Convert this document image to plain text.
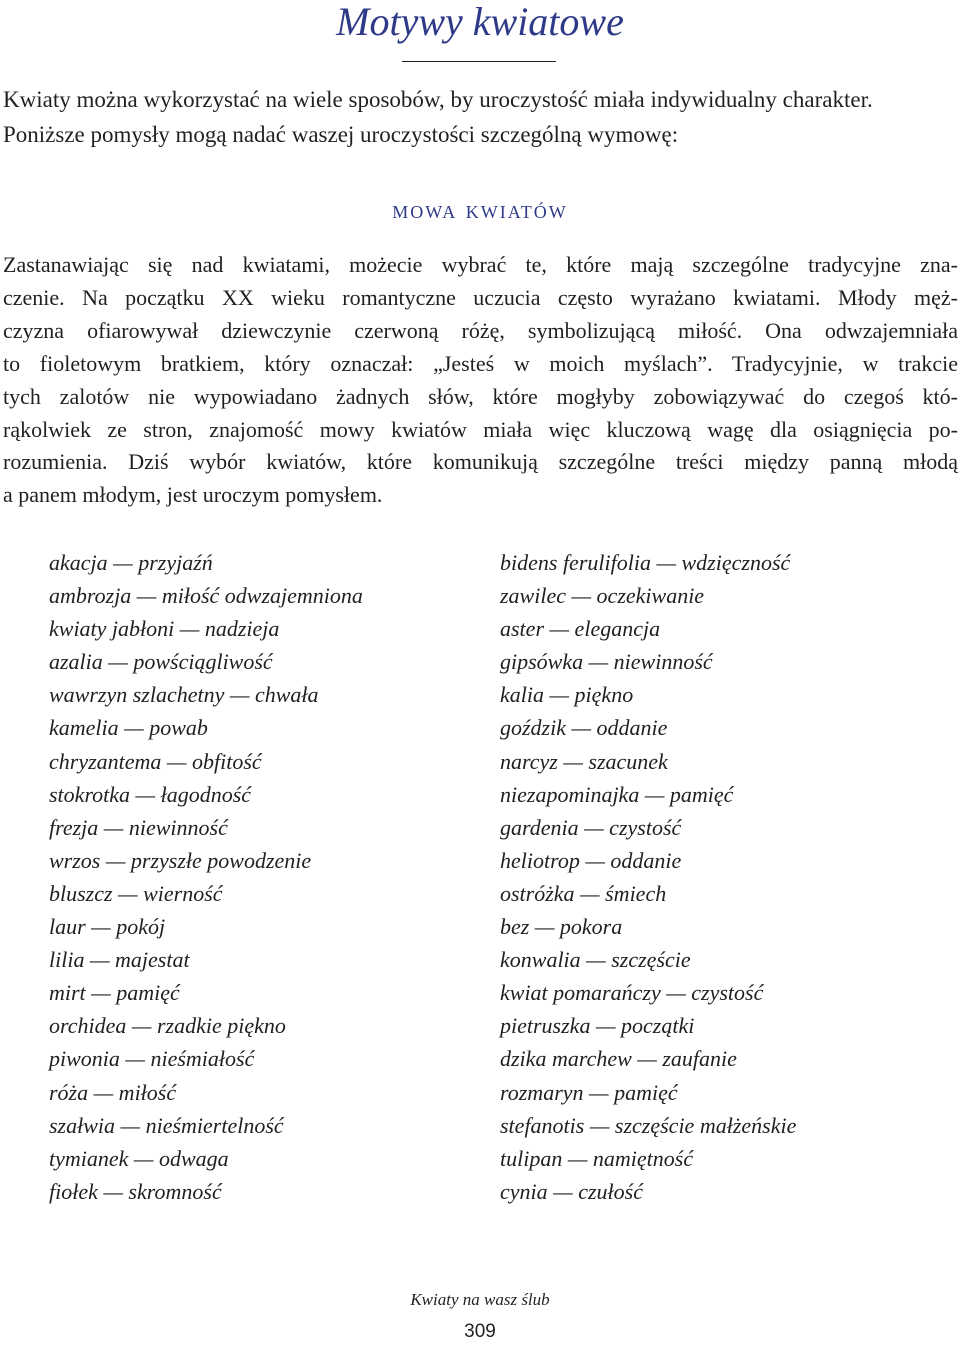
Motywy kwiatowe

Kwiaty można wykorzystać na wiele sposobów, by uroczystość miała indywidualny charakter.
Poniższe pomysły mogą nadać waszej uroczystości szczególną wymowę:

mowa kwiatów

Zastanawiając się nad kwiatami, możecie wybrać te, które mają szczególne tradycyjne zna-
czenie. Na początku XX wieku romantyczne uczucia często wyrażano kwiatami. Młody męż-
czyzna ofiarowywał dziewczynie czerwoną różę, symbolizującą miłość. Ona odwzajemniała
to fioletowym bratkiem, który oznaczał: „Jesteś w moich myślach”. Tradycyjnie, w trakcie
tych zalotów nie wypowiadano żadnych słów, które mogłyby zobowiązywać do czegoś któ-
rąkolwiek ze stron, znajomość mowy kwiatów miała więc kluczową wagę dla osiągnięcia po-
rozumienia. Dziś wybór kwiatów, które komunikują szczególne treści między panną młodą
a panem młodym, jest uroczym pomysłem.

akacja — przyjaźń
ambrozja — miłość odwzajemniona
kwiaty jabłoni — nadzieja
azalia — powściągliwość
wawrzyn szlachetny — chwała
kamelia — powab
chryzantema — obfitość
stokrotka — łagodność
frezja — niewinność
wrzos — przyszłe powodzenie
bluszcz — wierność
laur — pokój
lilia — majestat
mirt — pamięć
orchidea — rzadkie piękno
piwonia — nieśmiałość
róża — miłość
szałwia — nieśmiertelność
tymianek — odwaga
fiołek — skromność
bidens ferulifolia — wdzięczność
zawilec — oczekiwanie
aster — elegancja
gipsówka — niewinność
kalia — piękno
goździk — oddanie
narcyz — szacunek
niezapominajka — pamięć
gardenia — czystość
heliotrop — oddanie
ostróżka — śmiech
bez — pokora
konwalia — szczęście
kwiat pomarańczy — czystość
pietruszka — początki
dzika marchew — zaufanie
rozmaryn — pamięć
stefanotis — szczęście małżeńskie
tulipan — namiętność
cynia — czułość
Kwiaty na wasz ślub
309
